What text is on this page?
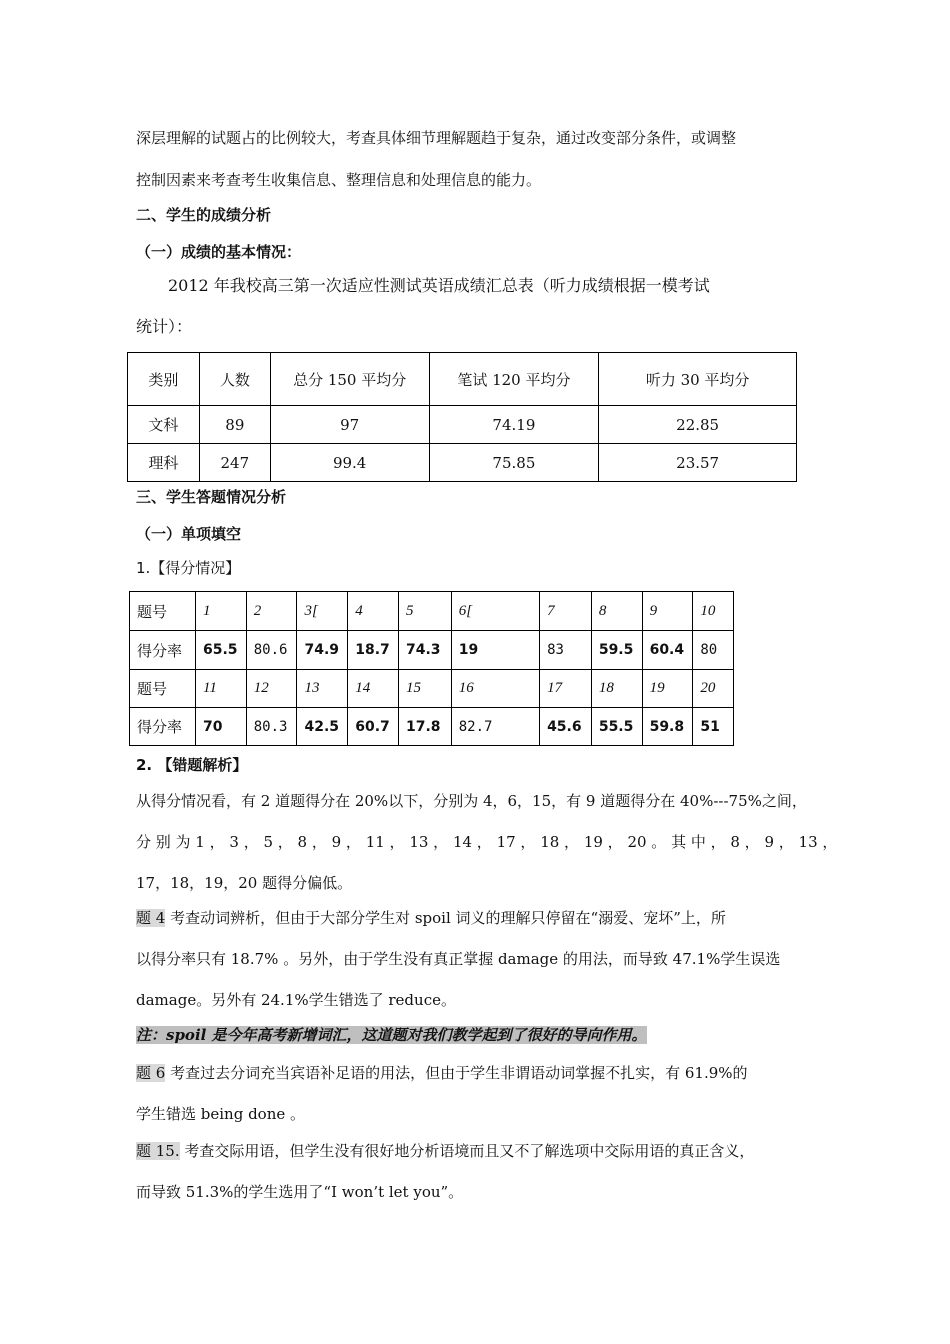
深层理解的试题占的比例较大，考查具体细节理解题趋于复杂，通过改变部分条件，或调整
控制因素来考查考生收集信息、整理信息和处理信息的能力。
二、学生的成绩分析
（一）成绩的基本情况：
2012 年我校高三第一次适应性测试英语成绩汇总表（听力成绩根据一模考试
统计）：
类别	人数	总分 150 平均分	笔试 120 平均分	听力 30 平均分
文科	89	97	74.19	22.85
理科	247	99.4	75.85	23.57
三、学生答题情况分析
（一）单项填空
1.【得分情况】
题号	1	2	3[	4	5	6[	7	8	9	10
得分率	65.5	80.6	74.9	18.7	74.3	19	83	59.5	60.4	80
题号	11	12	13	14	15	16	17	18	19	20
得分率	70	80.3	42.5	60.7	17.8	82.7	45.6	55.5	59.8	51
2. 【错题解析】
从得分情况看，有 2 道题得分在 20%以下，分别为 4，6，15，有 9 道题得分在 40%---75%之间，
分 别 为 1 ， 3 ， 5 ， 8 ， 9 ， 11 ， 13 ， 14 ， 17 ， 18 ， 19 ， 20 。 其 中 ， 8 ， 9 ， 13 ，
17，18，19，20 题得分偏低。
题 4 考查动词辨析，但由于大部分学生对 spoil 词义的理解只停留在“溺爱、宠坏”上，所
以得分率只有 18.7% 。另外，由于学生没有真正掌握 damage 的用法，而导致 47.1%学生误选
damage。另外有 24.1%学生错选了 reduce。
注：spoil 是今年高考新增词汇，这道题对我们教学起到了很好的导向作用。
题 6 考查过去分词充当宾语补足语的用法，但由于学生非谓语动词掌握不扎实，有 61.9%的
学生错选 being done 。
题 15. 考查交际用语，但学生没有很好地分析语境而且又不了解选项中交际用语的真正含义，
而导致 51.3%的学生选用了“I won’t let you”。
